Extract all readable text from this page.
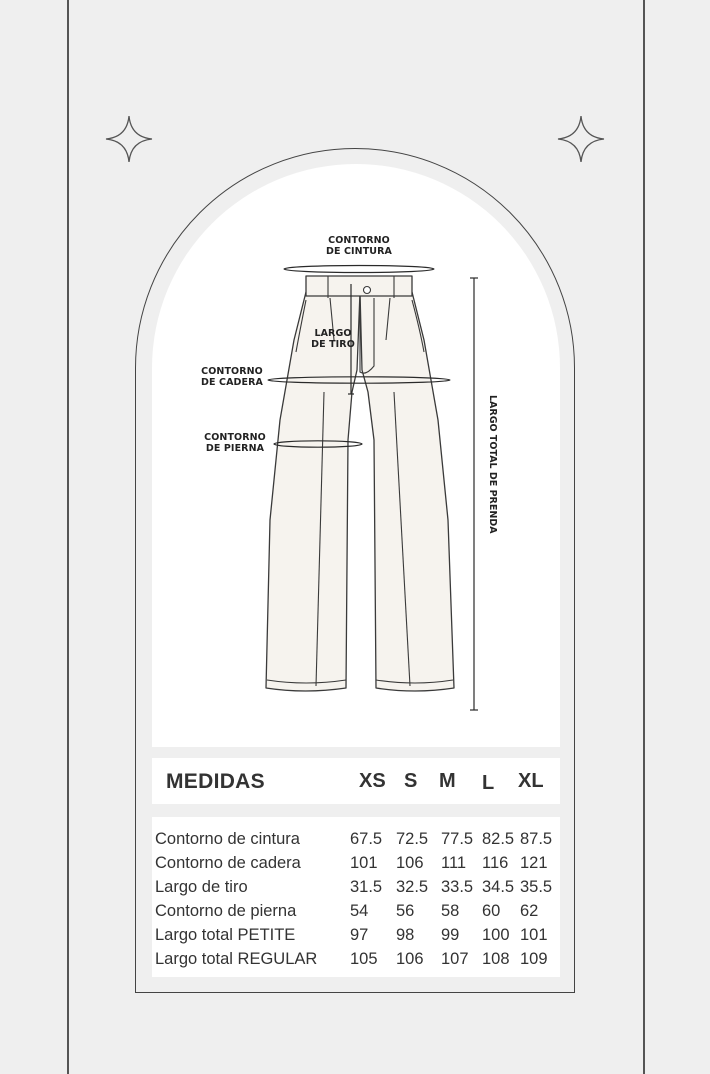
CONTORNO
DE CINTURA
LARGO
DE TIRO
CONTORNO
DE CADERA
CONTORNO
DE PIERNA	LARGO TOTAL DE PRENDA
MEDIDAS	XS S M L XL
Contorno de cintura	67.5 72.5 77.5 82.5 87.5
Contorno de cadera	101 106 111 116 121
Largo de tiro	31.5 32.5 33.5 34.5 35.5
Contorno de pierna	54 56 58 60 62
Largo total PETITE	97 98 99 100 101
Largo total REGULAR 105 106 107 108 109
